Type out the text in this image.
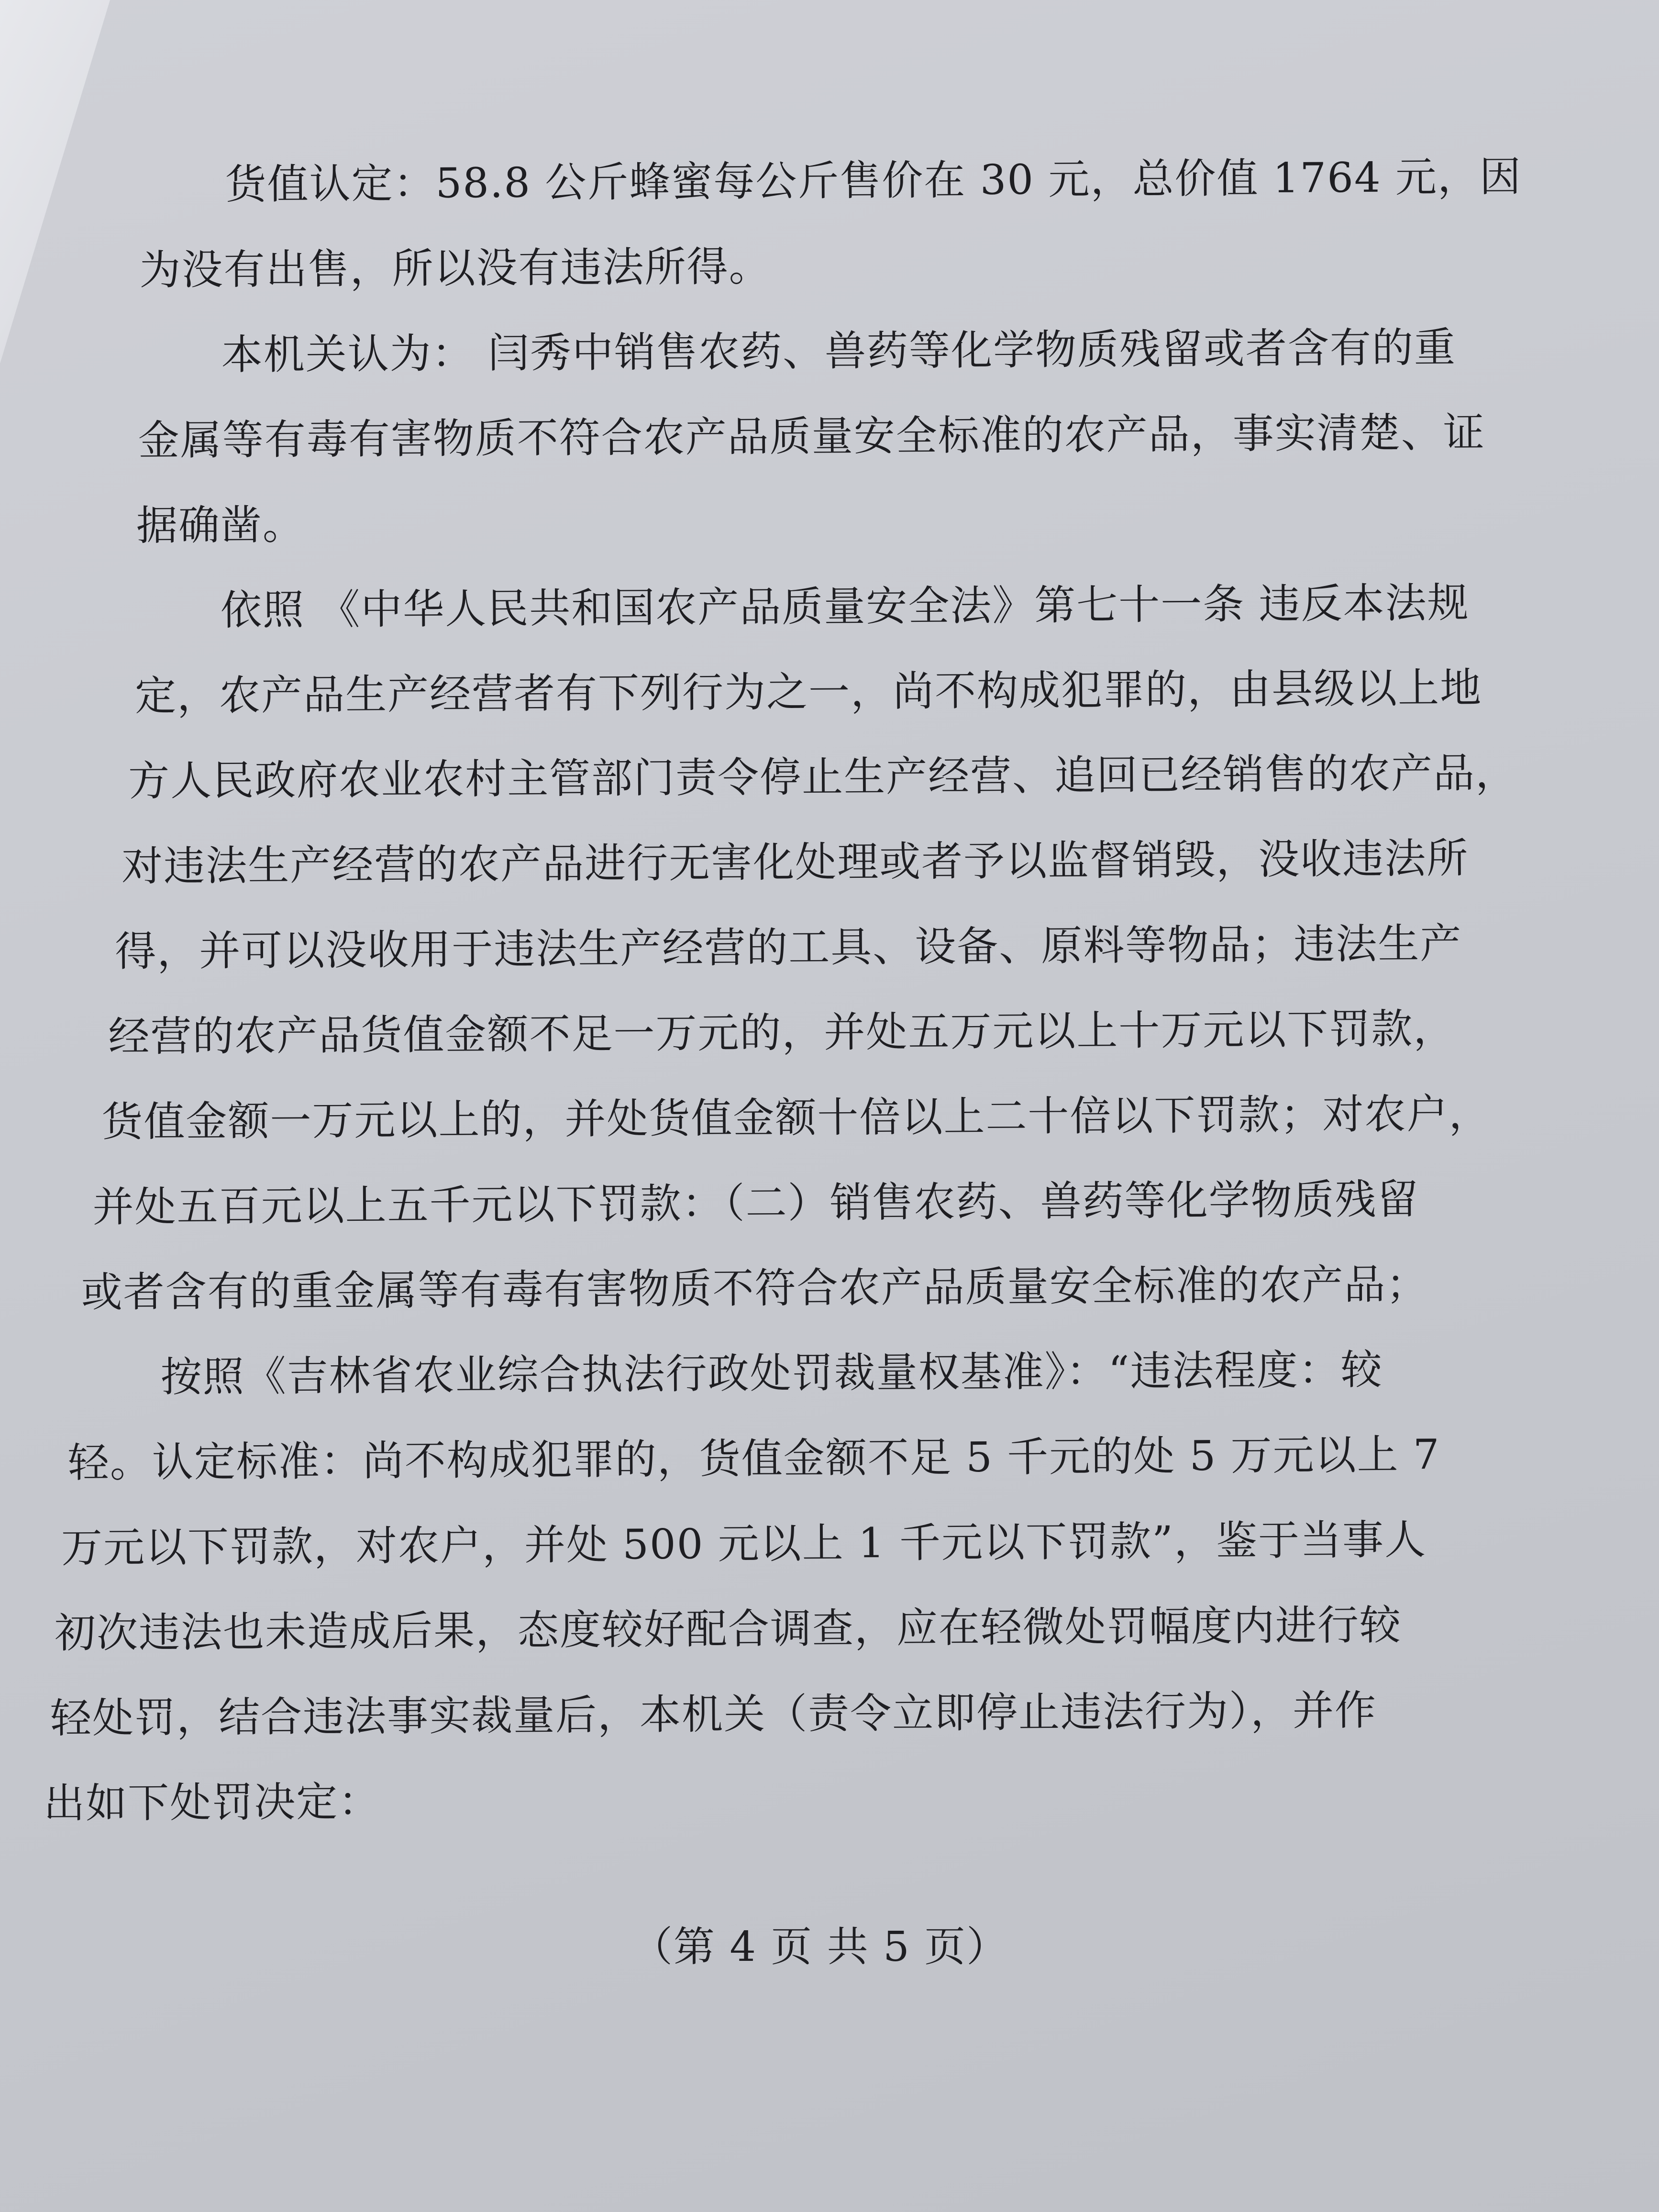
货值认定：58.8 公斤蜂蜜每公斤售价在 30 元，总价值 1764 元，因
为没有出售，所以没有违法所得。
本机关认为： 闫秀中销售农药、兽药等化学物质残留或者含有的重
金属等有毒有害物质不符合农产品质量安全标准的农产品，事实清楚、证
据确凿。
依照 《中华人民共和国农产品质量安全法》第七十一条 违反本法规
定，农产品生产经营者有下列行为之一，尚不构成犯罪的，由县级以上地
方人民政府农业农村主管部门责令停止生产经营、追回已经销售的农产品，
对违法生产经营的农产品进行无害化处理或者予以监督销毁，没收违法所
得，并可以没收用于违法生产经营的工具、设备、原料等物品；违法生产
经营的农产品货值金额不足一万元的，并处五万元以上十万元以下罚款，
货值金额一万元以上的，并处货值金额十倍以上二十倍以下罚款；对农户，
并处五百元以上五千元以下罚款：（二）销售农药、兽药等化学物质残留
或者含有的重金属等有毒有害物质不符合农产品质量安全标准的农产品；
按照《吉林省农业综合执法行政处罚裁量权基准》：“违法程度：较
轻。认定标准：尚不构成犯罪的，货值金额不足 5 千元的处 5 万元以上 7
万元以下罚款，对农户，并处 500 元以上 1 千元以下罚款”，鉴于当事人
初次违法也未造成后果，态度较好配合调查，应在轻微处罚幅度内进行较
轻处罚，结合违法事实裁量后，本机关（责令立即停止违法行为），并作
出如下处罚决定：
（第 4 页 共 5 页）
